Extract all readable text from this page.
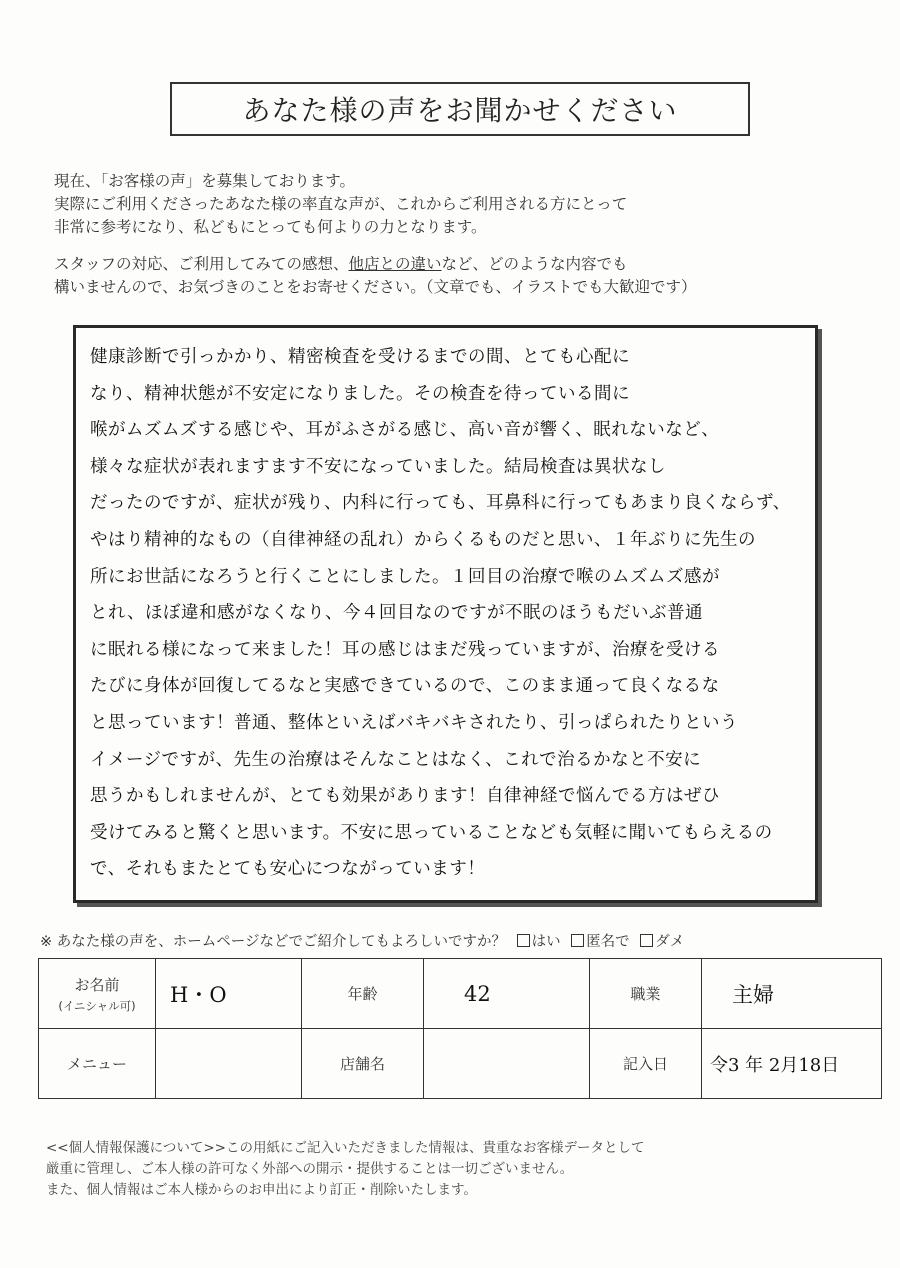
あなた様の声をお聞かせください

現在、「お客様の声」を募集しております。

実際にご利用くださったあなた様の率直な声が、これからご利用される方にとって

非常に参考になり、私どもにとっても何よりの力となります。

スタッフの対応、ご利用してみての感想、他店との違いなど、どのような内容でも

構いませんので、お気づきのことをお寄せください。（文章でも、イラストでも大歓迎です）

健康診断で引っかかり、精密検査を受けるまでの間、とても心配に
なり、精神状態が不安定になりました。その検査を待っている間に
喉がムズムズする感じや、耳がふさがる感じ、高い音が響く、眠れないなど、
様々な症状が表れますます不安になっていました。結局検査は異状なし
だったのですが、症状が残り、内科に行っても、耳鼻科に行ってもあまり良くならず、
やはり精神的なもの（自律神経の乱れ）からくるものだと思い、１年ぶりに先生の
所にお世話になろうと行くことにしました。１回目の治療で喉のムズムズ感が
とれ、ほぼ違和感がなくなり、今４回目なのですが不眠のほうもだいぶ普通
に眠れる様になって来ました！耳の感じはまだ残っていますが、治療を受ける
たびに身体が回復してるなと実感できているので、このまま通って良くなるな
と思っています！普通、整体といえばバキバキされたり、引っぱられたりという
イメージですが、先生の治療はそんなことはなく、これで治るかなと不安に
思うかもしれませんが、とても効果があります！自律神経で悩んでる方はぜひ
受けてみると驚くと思います。不安に思っていることなども気軽に聞いてもらえるの
で、それもまたとても安心につながっています！
※ あなた様の声を、ホームページなどでご紹介してもよろしいですか？ はい 匿名で ダメ
お名前
(イニシャル可)	H・O	年齢	42	職業	主婦
メニュー		店舗名		記入日	令3 年 2月18日

<<個人情報保護について>>この用紙にご記入いただきました情報は、貴重なお客様データとして

厳重に管理し、ご本人様の許可なく外部への開示・提供することは一切ございません。

また、個人情報はご本人様からのお申出により訂正・削除いたします。
